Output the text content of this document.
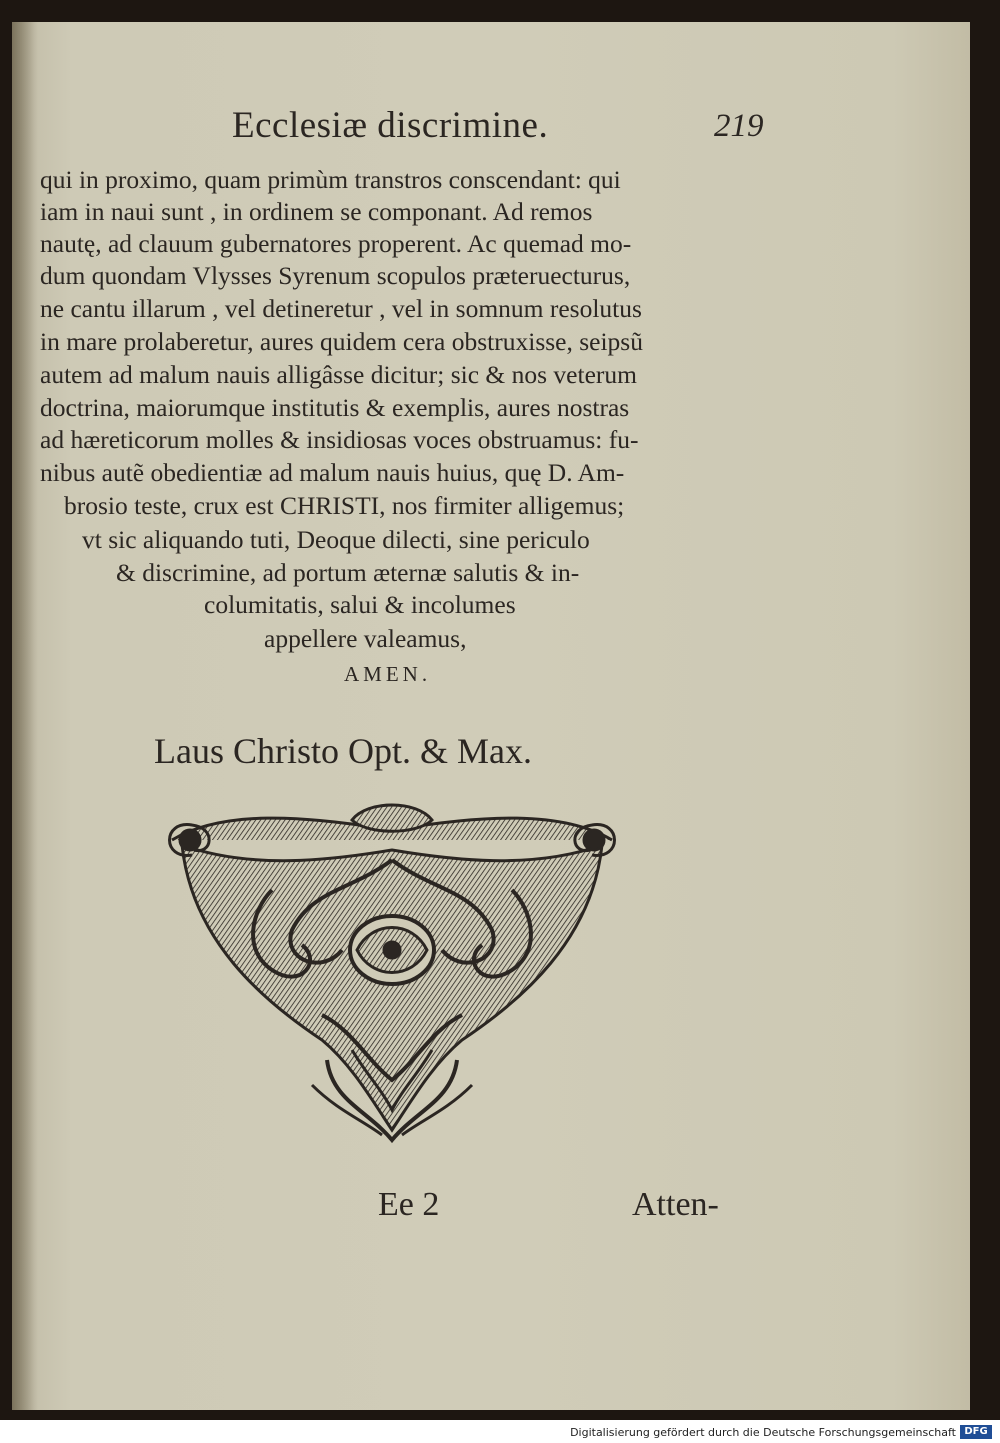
Ecclesiæ discrimine.	219
qui in proximo, quam primùm transtros conscendant: qui
iam in naui sunt , in ordinem se componant. Ad remos
nautę, ad clauum gubernatores properent. Ac quemad mo-
dum quondam Vlysses Syrenum scopulos præteruecturus,
ne cantu illarum , vel detineretur , vel in somnum resolutus
in mare prolaberetur, aures quidem cera obstruxisse, seipsũ
autem ad malum nauis alligâsse dicitur; sic & nos veterum
doctrina, maiorumque institutis & exemplis, aures nostras
ad hæreticorum molles & insidiosas voces obstruamus: fu-
nibus autẽ obedientiæ ad malum nauis huius, quę D. Am-
brosio teste, crux est CHRISTI, nos firmiter alligemus;
vt sic aliquando tuti, Deoque dilecti, sine periculo
& discrimine, ad portum æternæ salutis & in-
columitatis, salui & incolumes
appellere valeamus,
AMEN.
Laus Christo Opt. & Max.
Ee 2	Atten-
Digitalisierung gefördert durch die Deutsche Forschungsgemeinschaft DFG
